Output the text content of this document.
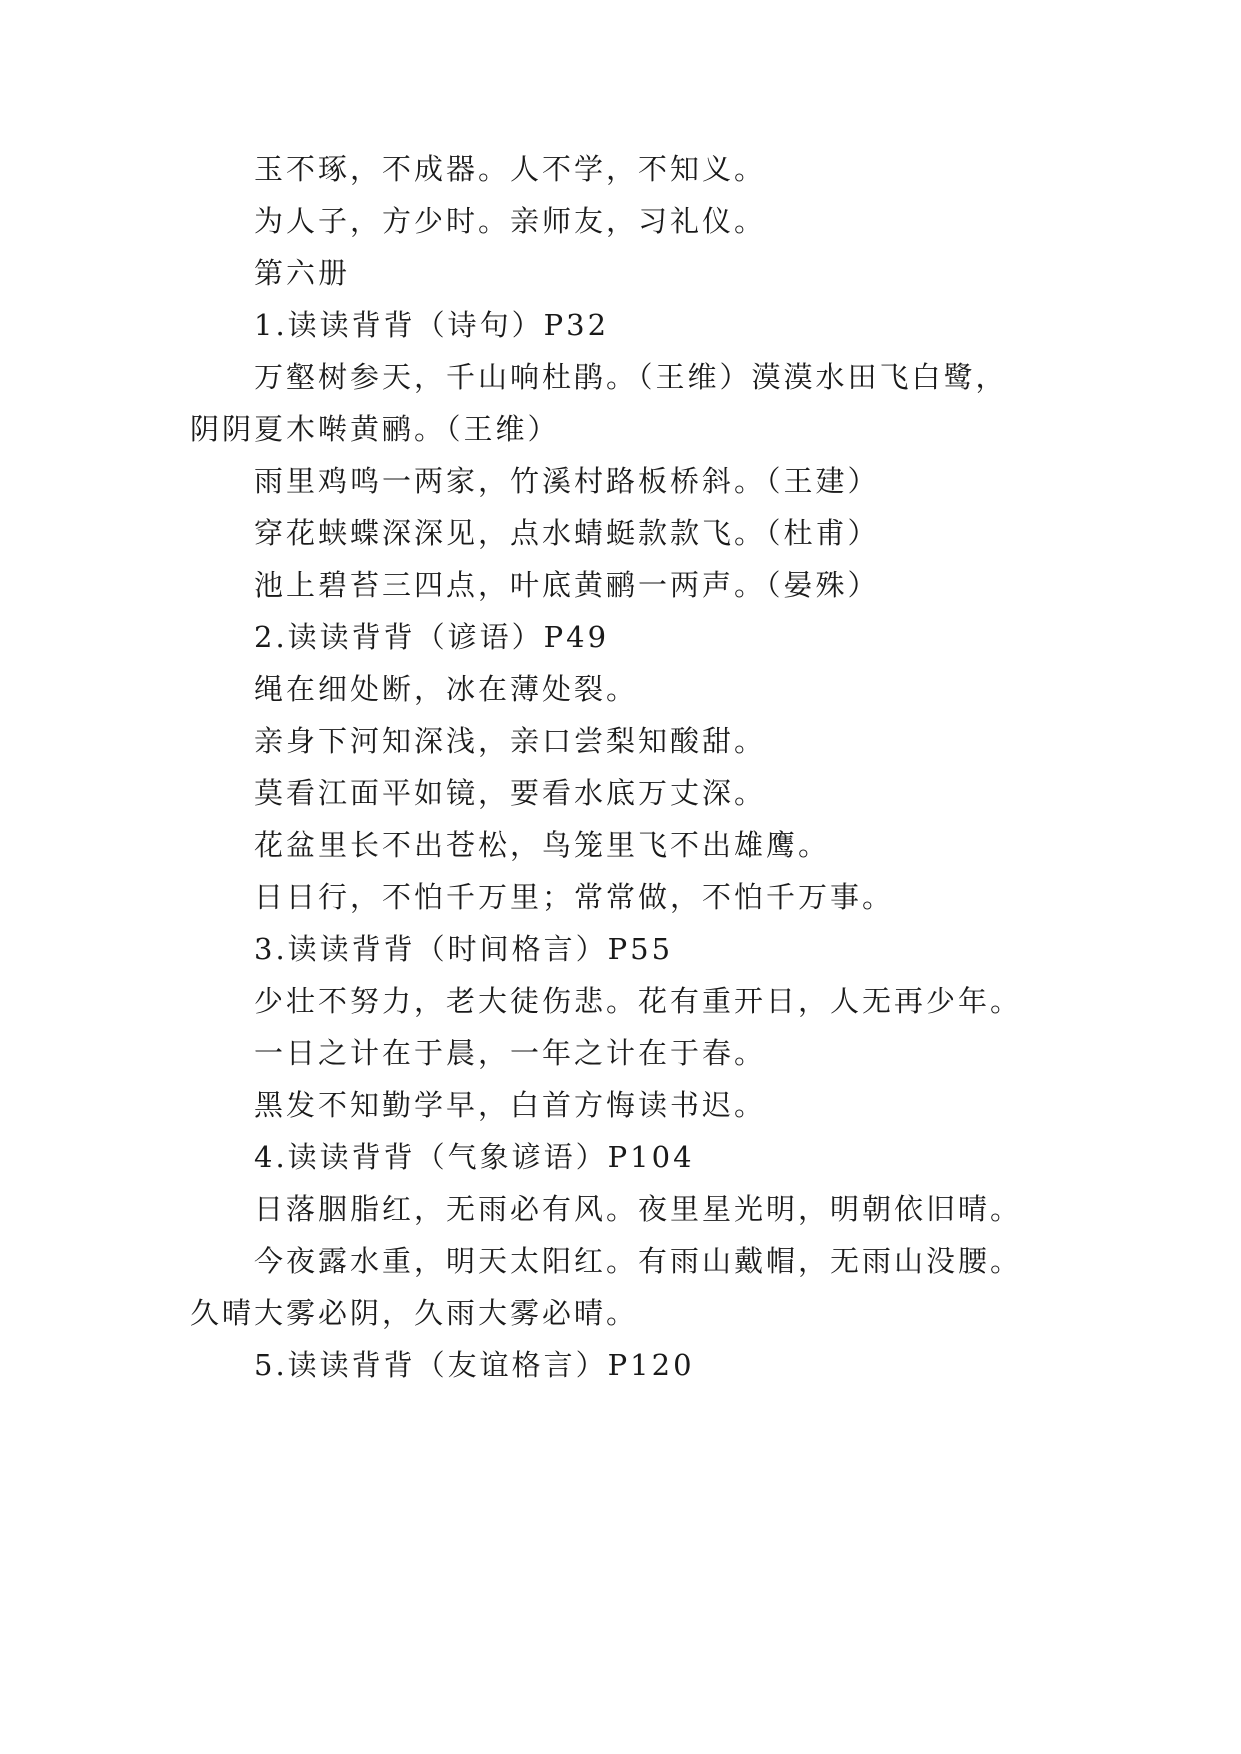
玉不琢，不成器。人不学，不知义。
为人子，方少时。亲师友，习礼仪。
第六册
1.读读背背（诗句）P32
万壑树参天，千山响杜鹃。（王维）漠漠水田飞白鹭，
阴阴夏木啭黄鹂。（王维）
雨里鸡鸣一两家，竹溪村路板桥斜。（王建）
穿花蛱蝶深深见，点水蜻蜓款款飞。（杜甫）
池上碧苔三四点，叶底黄鹂一两声。（晏殊）
2.读读背背（谚语）P49
绳在细处断，冰在薄处裂。
亲身下河知深浅，亲口尝梨知酸甜。
莫看江面平如镜，要看水底万丈深。
花盆里长不出苍松，鸟笼里飞不出雄鹰。
日日行，不怕千万里；常常做，不怕千万事。
3.读读背背（时间格言）P55
少壮不努力，老大徒伤悲。花有重开日，人无再少年。
一日之计在于晨，一年之计在于春。
黑发不知勤学早，白首方悔读书迟。
4.读读背背（气象谚语）P104
日落胭脂红，无雨必有风。夜里星光明，明朝依旧晴。
今夜露水重，明天太阳红。有雨山戴帽，无雨山没腰。
久晴大雾必阴，久雨大雾必晴。
5.读读背背（友谊格言）P120
